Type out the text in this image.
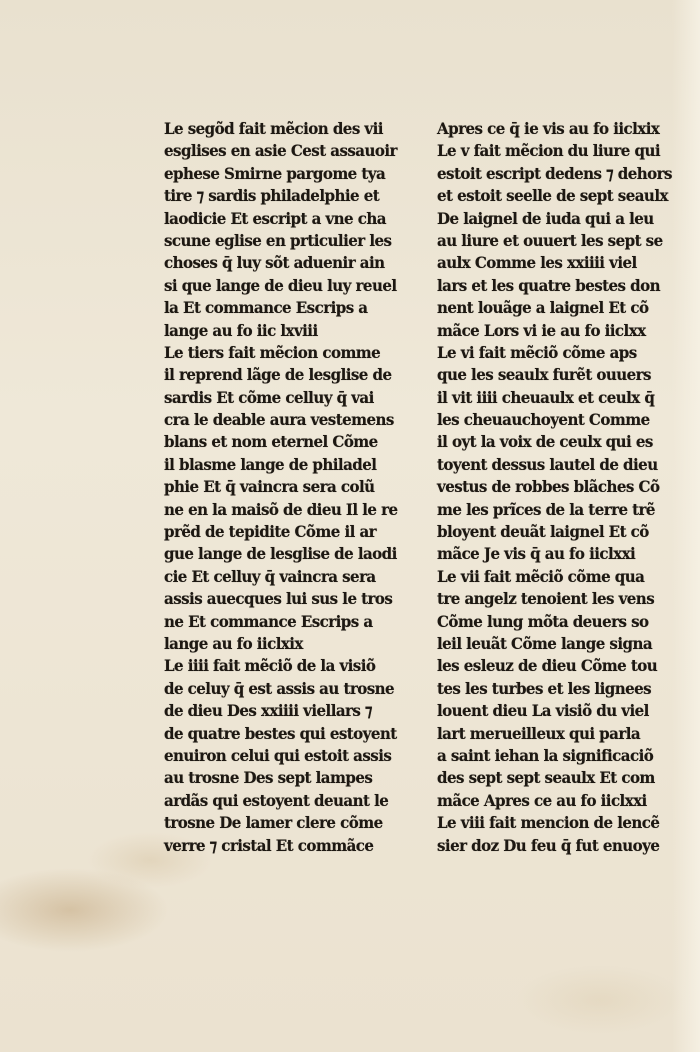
Le segõd fait mẽcion des vii
esglises en asie Cest assauoir
ephese Smirne pargome tya
tire ⁊ sardis philadelphie et
laodicie Et escript a vne cha
scune eglise en prticulier les
choses q̄ luy sõt aduenir ain
si que lange de dieu luy reuel
la Et commance Escrips a
lange au fo iic lxviii
Le tiers fait mẽcion comme
il reprend lãge de lesglise de
sardis Et cõme celluy q̄ vai
cra le deable aura vestemens
blans et nom eternel Cõme
il blasme lange de philadel
phie Et q̄ vaincra sera colũ
ne en la maisõ de dieu Il le re
prẽd de tepidite Cõme il ar
gue lange de lesglise de laodi
cie Et celluy q̄ vaincra sera
assis auecques lui sus le tros
ne Et commance Escrips a
lange au fo iiclxix
Le iiii fait mẽciõ de la visiõ
de celuy q̄ est assis au trosne
de dieu Des xxiiii viellars ⁊
de quatre bestes qui estoyent
enuiron celui qui estoit assis
au trosne Des sept lampes
ardãs qui estoyent deuant le
trosne De lamer clere cõme
verre ⁊ cristal Et commãce
Apres ce q̄ ie vis au fo iiclxix
Le v fait mẽcion du liure qui
estoit escript dedens ⁊ dehors
et estoit seelle de sept seaulx
De laignel de iuda qui a leu
au liure et ouuert les sept se
aulx Comme les xxiiii viel
lars et les quatre bestes don
nent louãge a laignel Et cõ
mãce Lors vi ie au fo iiclxx
Le vi fait mẽciõ cõme aps
que les seaulx furẽt ouuers
il vit iiii cheuaulx et ceulx q̄
les cheuauchoyent Comme
il oyt la voix de ceulx qui es
toyent dessus lautel de dieu
vestus de robbes blãches Cõ
me les prĩces de la terre trẽ
bloyent deuãt laignel Et cõ
mãce Je vis q̄ au fo iiclxxi
Le vii fait mẽciõ cõme qua
tre angelz tenoient les vens
Cõme lung mõta deuers so
leil leuãt Cõme lange signa
les esleuz de dieu Cõme tou
tes les turbes et les lignees
louent dieu La visiõ du viel
lart merueilleux qui parla
a saint iehan la significaciõ
des sept sept seaulx Et com
mãce Apres ce au fo iiclxxi
Le viii fait mencion de lencẽ
sier doz Du feu q̄ fut enuoye
